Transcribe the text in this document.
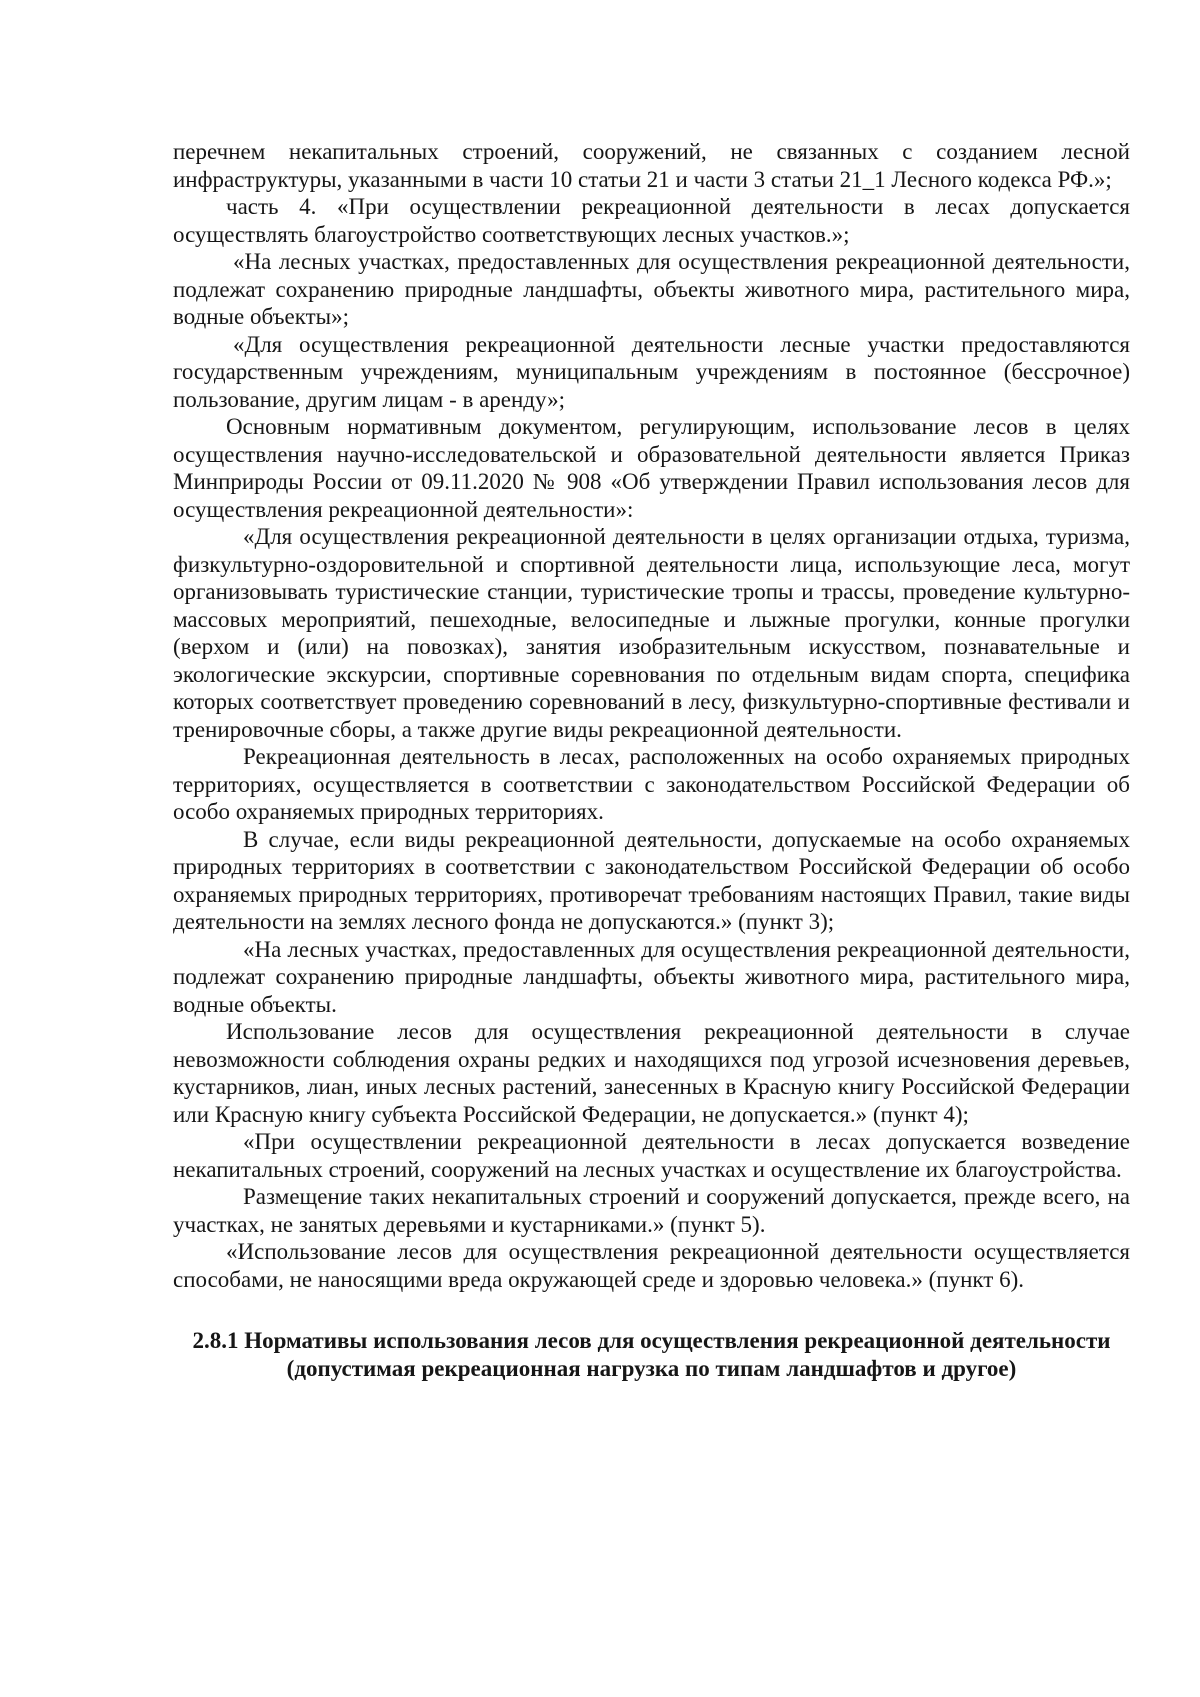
перечнем некапитальных строений, сооружений, не связанных с созданием лесной инфраструктуры, указанными в части 10 статьи 21 и части 3 статьи 21_1 Лесного кодекса РФ.»;

часть 4. «При осуществлении рекреационной деятельности в лесах допускается осуществлять благоустройство соответствующих лесных участков.»;

«На лесных участках, предоставленных для осуществления рекреационной деятельности, подлежат сохранению природные ландшафты, объекты животного мира, растительного мира, водные объекты»;

«Для осуществления рекреационной деятельности лесные участки предоставляются государственным учреждениям, муниципальным учреждениям в постоянное (бессрочное) пользование, другим лицам - в аренду»;

Основным нормативным документом, регулирующим, использование лесов в целях осуществления научно-исследовательской и образовательной деятельности является Приказ Минприроды России от 09.11.2020 № 908 «Об утверждении Правил использования лесов для осуществления рекреационной деятельности»:

«Для осуществления рекреационной деятельности в целях организации отдыха, туризма, физкультурно-оздоровительной и спортивной деятельности лица, использующие леса, могут организовывать туристические станции, туристические тропы и трассы, проведение культурно-массовых мероприятий, пешеходные, велосипедные и лыжные прогулки, конные прогулки (верхом и (или) на повозках), занятия изобразительным искусством, познавательные и экологические экскурсии, спортивные соревнования по отдельным видам спорта, специфика которых соответствует проведению соревнований в лесу, физкультурно-спортивные фестивали и тренировочные сборы, а также другие виды рекреационной деятельности.

Рекреационная деятельность в лесах, расположенных на особо охраняемых природных территориях, осуществляется в соответствии с законодательством Российской Федерации об особо охраняемых природных территориях.

В случае, если виды рекреационной деятельности, допускаемые на особо охраняемых природных территориях в соответствии с законодательством Российской Федерации об особо охраняемых природных территориях, противоречат требованиям настоящих Правил, такие виды деятельности на землях лесного фонда не допускаются.» (пункт 3);

«На лесных участках, предоставленных для осуществления рекреационной деятельности, подлежат сохранению природные ландшафты, объекты животного мира, растительного мира, водные объекты.

Использование лесов для осуществления рекреационной деятельности в случае невозможности соблюдения охраны редких и находящихся под угрозой исчезновения деревьев, кустарников, лиан, иных лесных растений, занесенных в Красную книгу Российской Федерации или Красную книгу субъекта Российской Федерации, не допускается.» (пункт 4);

«При осуществлении рекреационной деятельности в лесах допускается возведение некапитальных строений, сооружений на лесных участках и осуществление их благоустройства.

Размещение таких некапитальных строений и сооружений допускается, прежде всего, на участках, не занятых деревьями и кустарниками.» (пункт 5).

«Использование лесов для осуществления рекреационной деятельности осуществляется способами, не наносящими вреда окружающей среде и здоровью человека.» (пункт 6).

2.8.1 Нормативы использования лесов для осуществления рекреационной деятельности (допустимая рекреационная нагрузка по типам ландшафтов и другое)
